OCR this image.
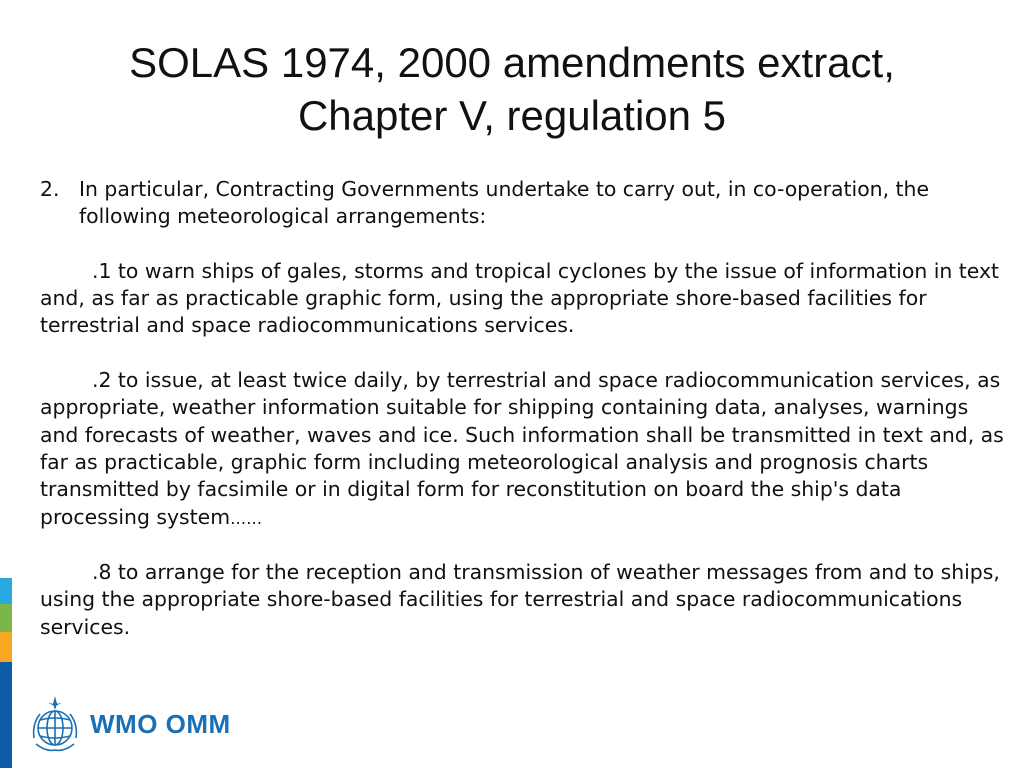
SOLAS 1974, 2000 amendments extract,
Chapter V, regulation 5
2. In particular, Contracting Governments undertake to carry out, in co-operation, the following meteorological arrangements:
.1 to warn ships of gales, storms and tropical cyclones by the issue of information in text and, as far as practicable graphic form, using the appropriate shore-based facilities for terrestrial and space radiocommunications services.
.2 to issue, at least twice daily, by terrestrial and space radiocommunication services, as appropriate, weather information suitable for shipping containing data, analyses, warnings   and forecasts of weather, waves and ice. Such information shall be transmitted in text and, as far as practicable, graphic form including meteorological analysis and prognosis charts     transmitted by facsimile or in digital form for reconstitution on board the ship's data    processing system……
.8 to arrange for the reception and transmission of weather messages from and to ships, using the appropriate shore-based facilities for terrestrial and space radiocommunications services.
WMO OMM
